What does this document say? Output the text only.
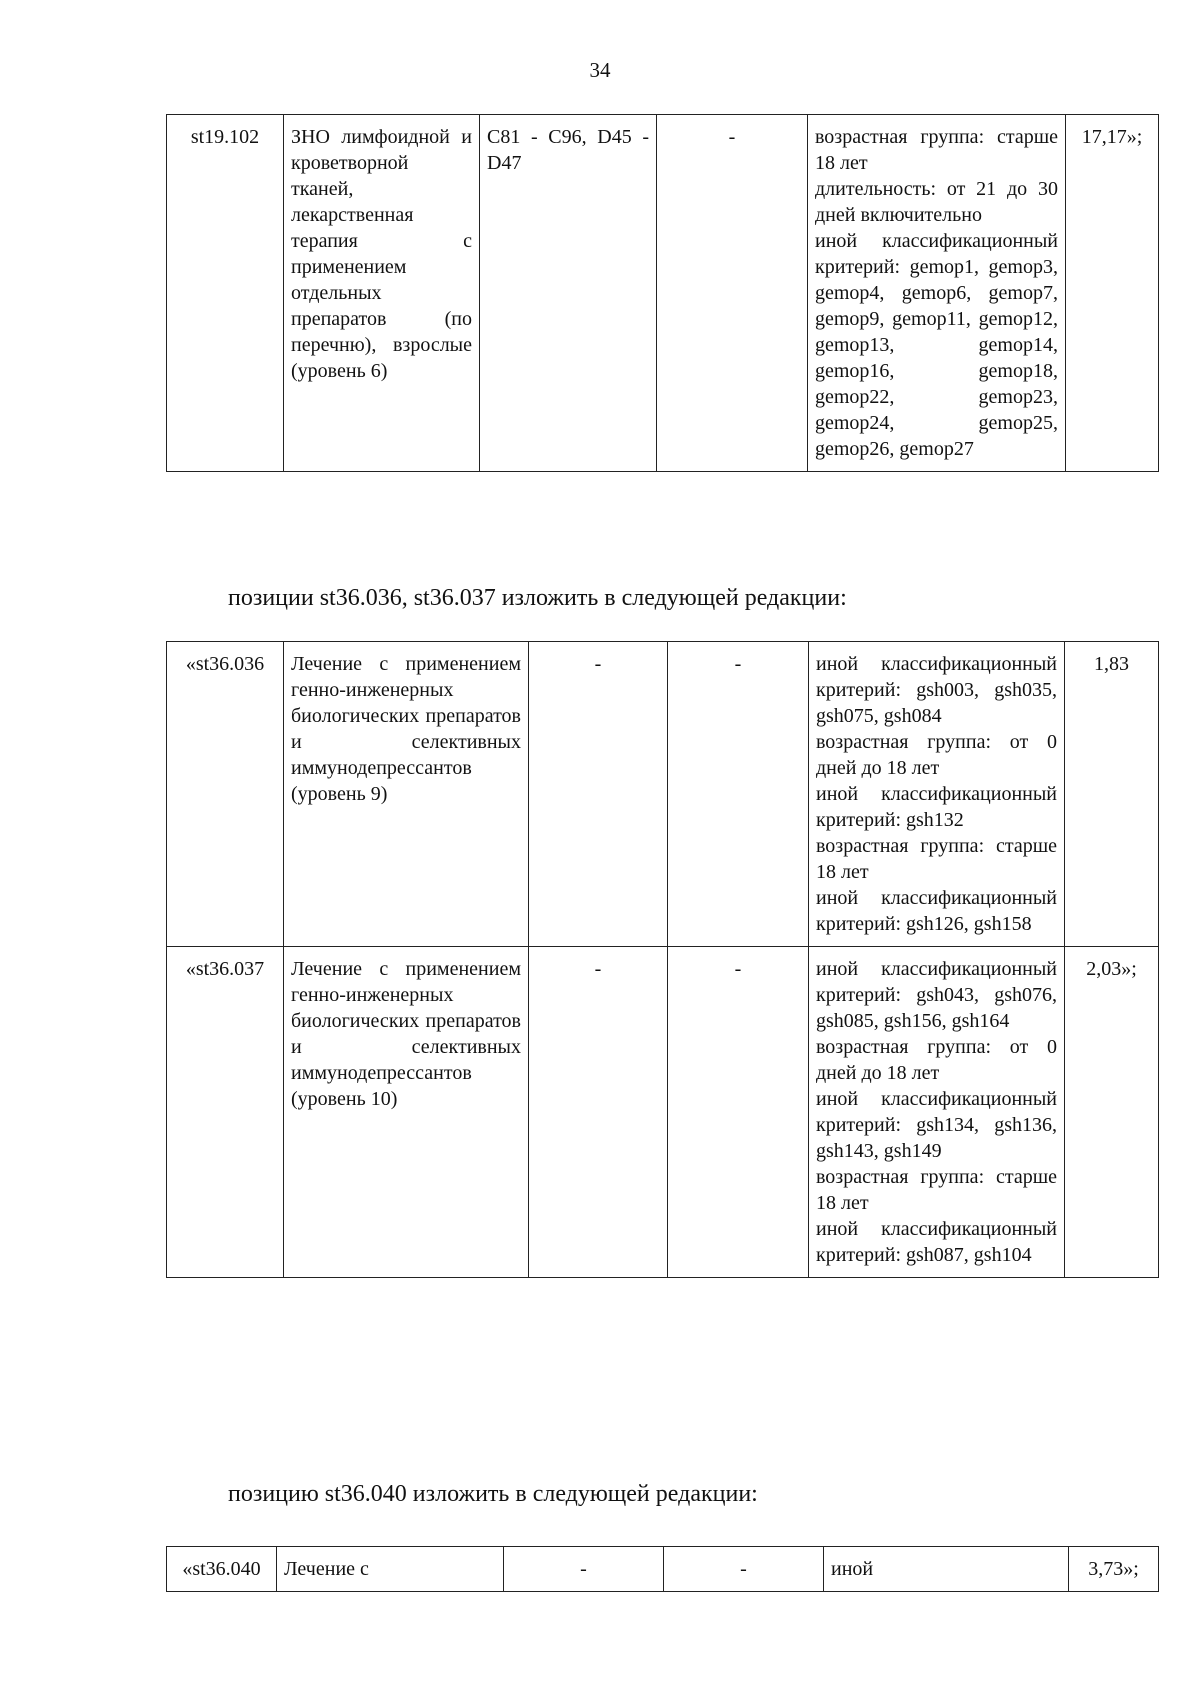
34
st19.102	ЗНО лимфоидной и кроветворной тканей, лекарственная терапия с применением отдельных препаратов (по перечню), взрослые (уровень 6)	C81 - C96, D45 - D47	-	возрастная группа: старше 18 лет
длительность: от 21 до 30 дней включительно
иной классификационный критерий: gemop1, gemop3, gemop4, gemop6, gemop7, gemop9, gemop11, gemop12, gemop13, gemop14, gemop16, gemop18, gemop22, gemop23, gemop24, gemop25, gemop26, gemop27
	17,17»;
позиции st36.036, st36.037 изложить в следующей редакции:
«st36.036	Лечение с применением генно-инженерных биологических препаратов и селективных иммунодепрессантов (уровень 9)	-	-	иной классификационный критерий: gsh003, gsh035, gsh075, gsh084
возрастная группа: от 0 дней до 18 лет
иной классификационный критерий: gsh132
возрастная группа: старше 18 лет
иной классификационный критерий: gsh126, gsh158	1,83
«st36.037	Лечение с применением генно-инженерных биологических препаратов и селективных иммунодепрессантов (уровень 10)	-	-	иной классификационный критерий: gsh043, gsh076, gsh085, gsh156, gsh164
возрастная группа: от 0 дней до 18 лет
иной классификационный критерий: gsh134, gsh136, gsh143, gsh149
возрастная группа: старше 18 лет
иной классификационный критерий: gsh087, gsh104	2,03»;
позицию st36.040 изложить в следующей редакции:
«st36.040	Лечение с	-	-	иной	3,73»;
